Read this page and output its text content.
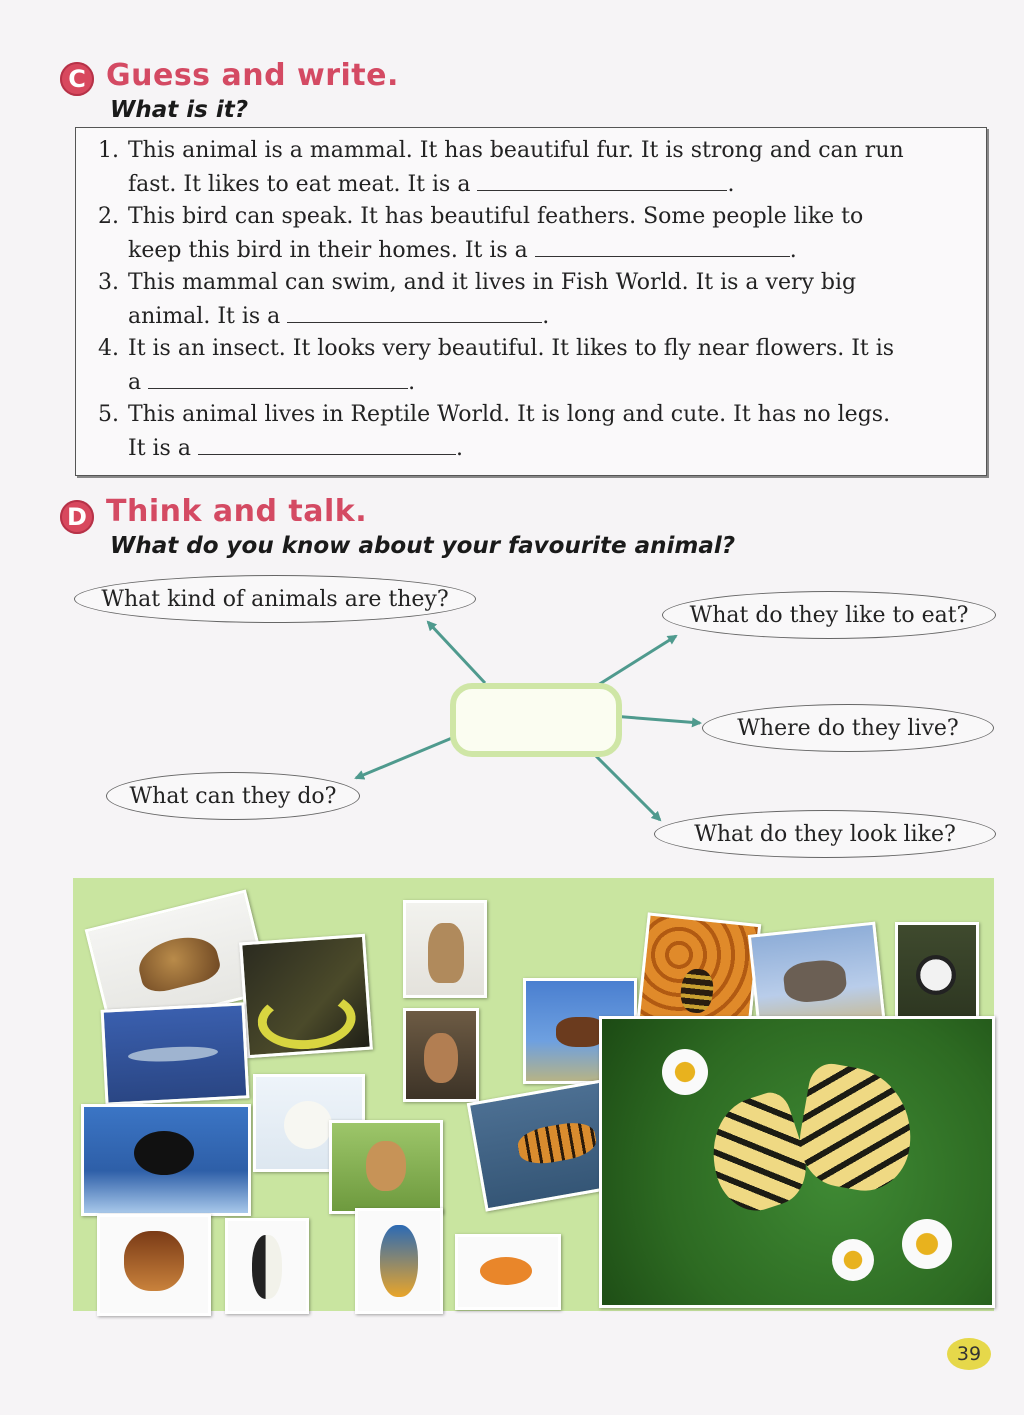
C Guess and write.
What is it?
1. This animal is a mammal. It has beautiful fur. It is strong and can run
fast. It likes to eat meat. It is a	.
2. This bird can speak. It has beautiful feathers. Some people like to
keep this bird in their homes. It is a	.
3. This mammal can swim, and it lives in Fish World. It is a very big
animal. It is a	.
4. It is an insect. It looks very beautiful. It likes to fly near flowers. It is
a	.
5. This animal lives in Reptile World. It is long and cute. It has no legs.
It is a	.
D Think and talk.
What do you know about your favourite animal?
What kind of animals are they?
What do they like to eat?
Where do they live?
What can they do?
What do they look like?
39
